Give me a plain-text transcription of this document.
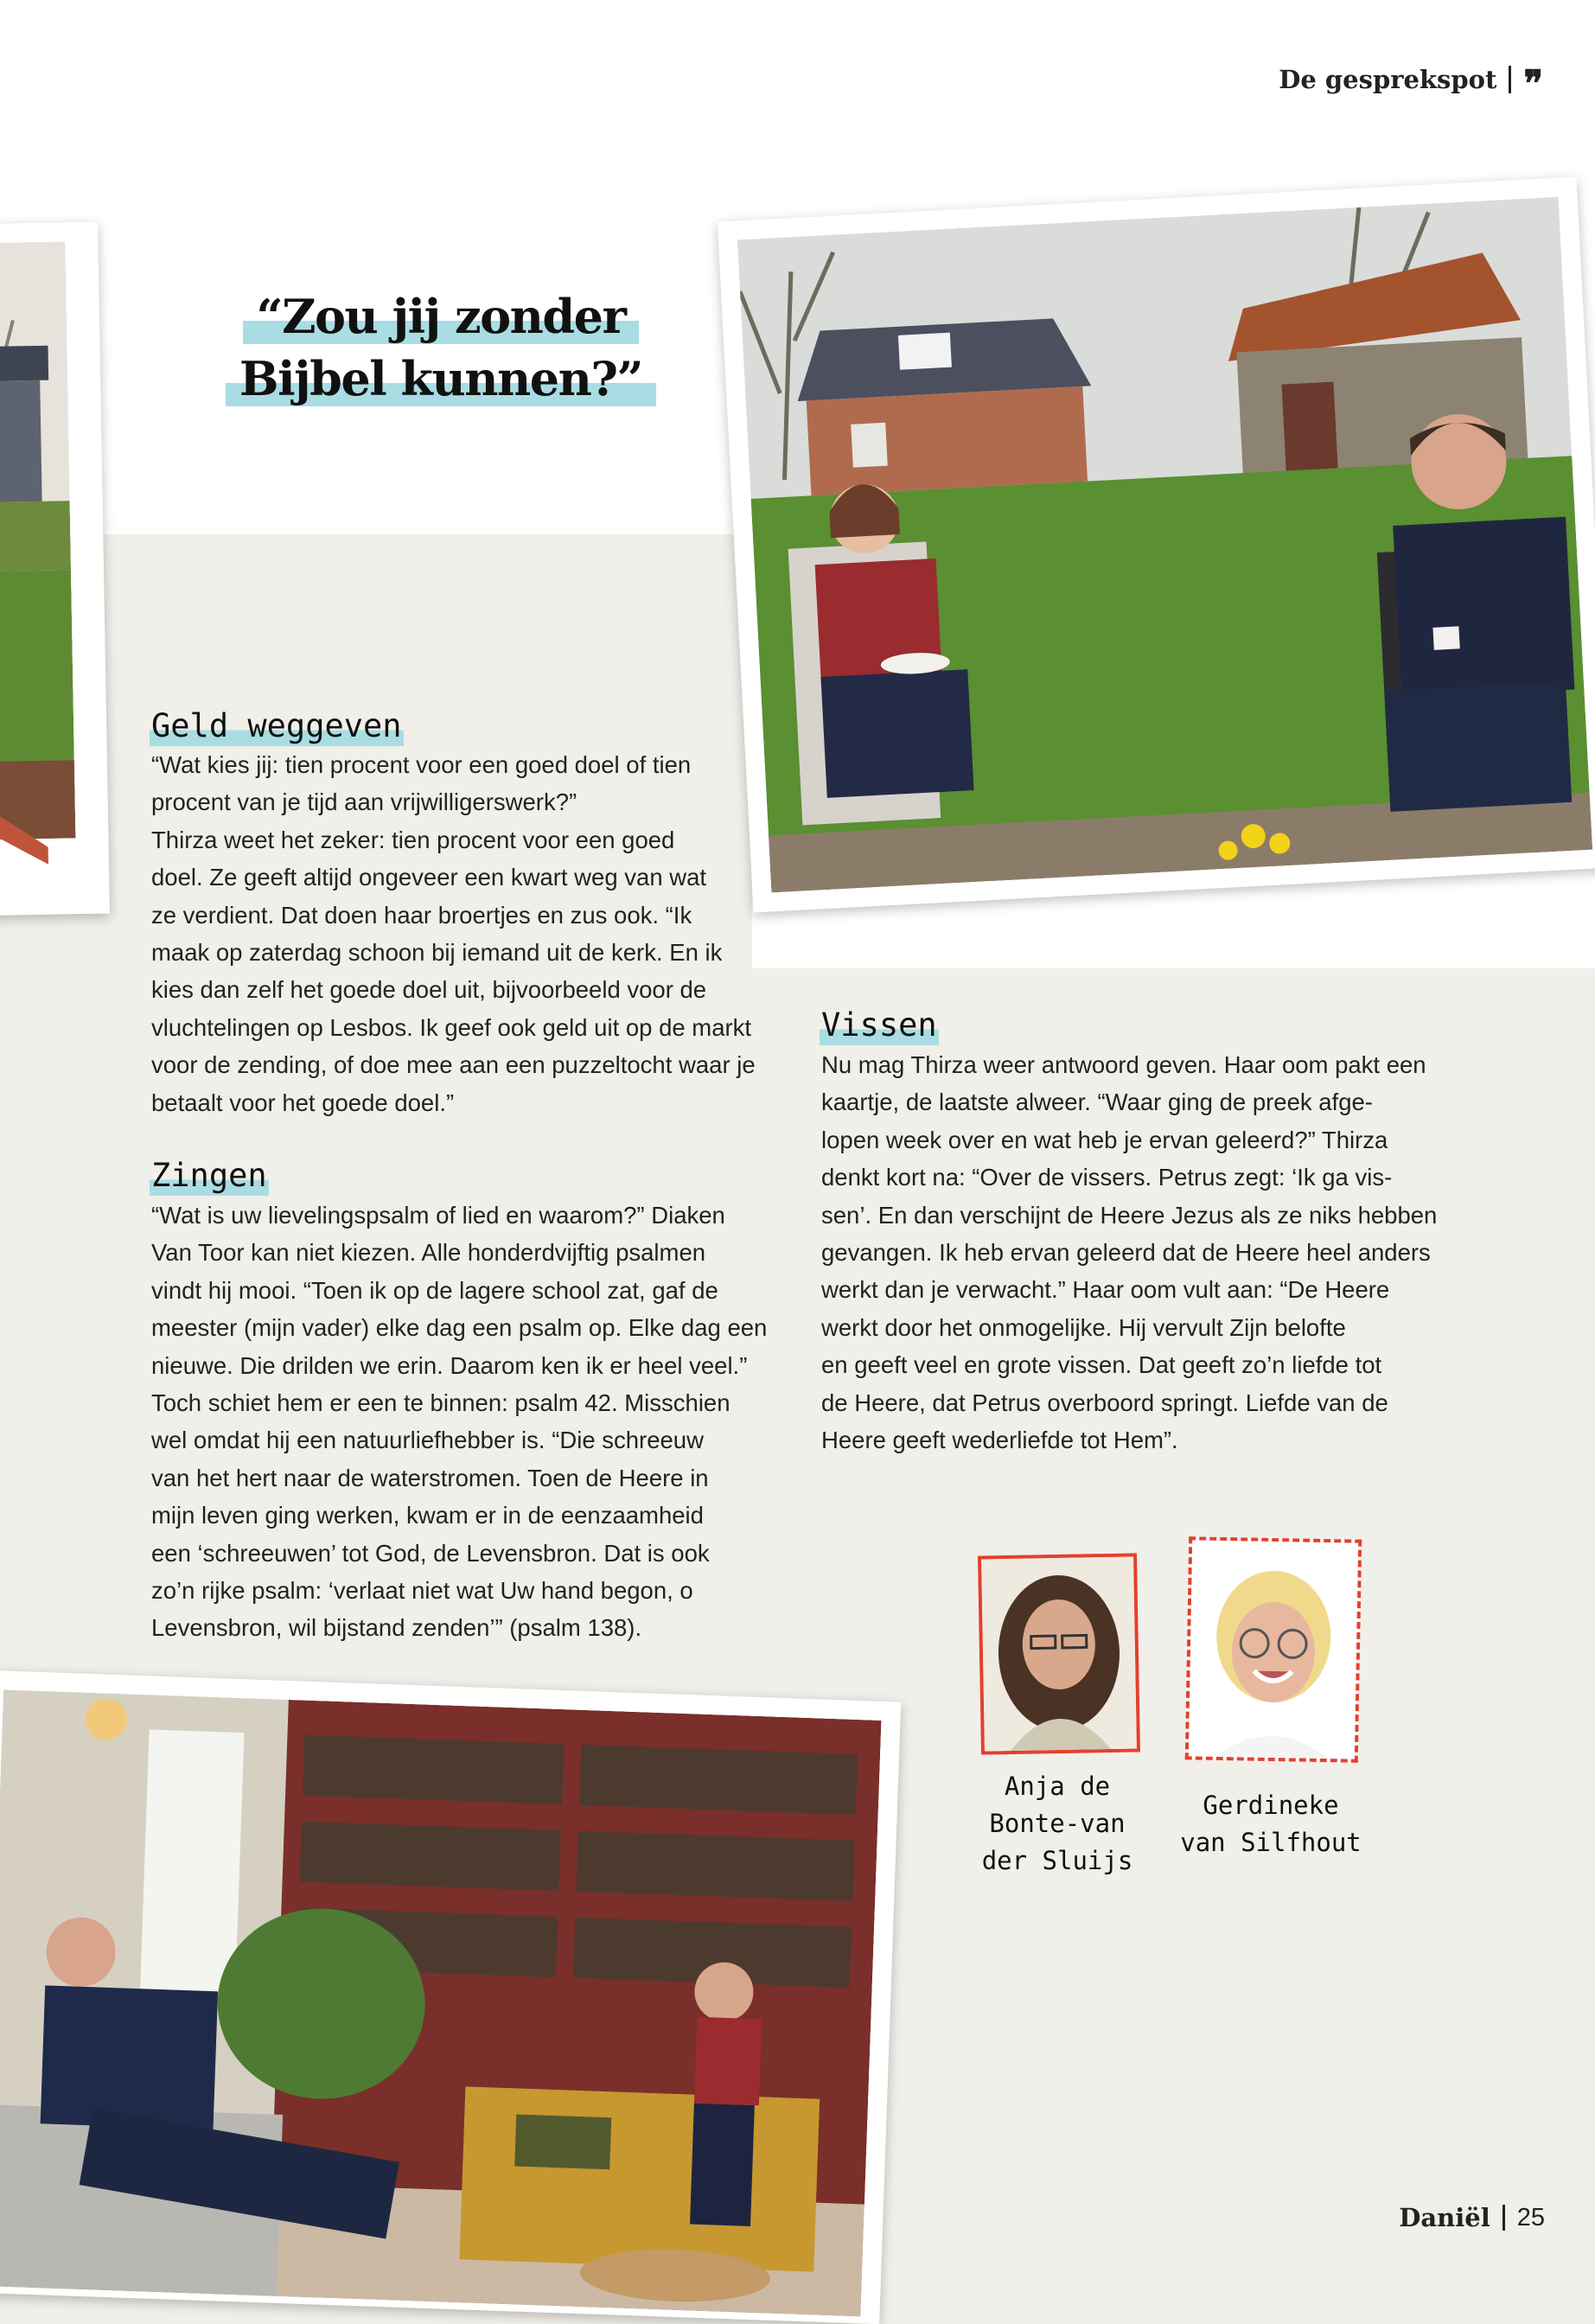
De gesprekspot ❞
“Zou jij zonder
Bijbel kunnen?”
Geld weggeven
“Wat kies jij: tien procent voor een goed doel of tien
procent van je tijd aan vrijwilligerswerk?”
Thirza weet het zeker: tien procent voor een goed
doel. Ze geeft altijd ongeveer een kwart weg van wat
ze verdient. Dat doen haar broertjes en zus ook. “Ik
maak op zaterdag schoon bij iemand uit de kerk. En ik
kies dan zelf het goede doel uit, bijvoorbeeld voor de
vluchtelingen op Lesbos. Ik geef ook geld uit op de markt
voor de zending, of doe mee aan een puzzeltocht waar je
betaalt voor het goede doel.”
Zingen
“Wat is uw lievelingspsalm of lied en waarom?” Diaken
Van Toor kan niet kiezen. Alle honderdvijftig psalmen
vindt hij mooi. “Toen ik op de lagere school zat, gaf de
meester (mijn vader) elke dag een psalm op. Elke dag een
nieuwe. Die drilden we erin. Daarom ken ik er heel veel.”
Toch schiet hem er een te binnen: psalm 42. Misschien
wel omdat hij een natuurliefhebber is. “Die schreeuw
van het hert naar de waterstromen. Toen de Heere in
mijn leven ging werken, kwam er in de eenzaamheid
een ‘schreeuwen’ tot God, de Levensbron. Dat is ook
zo’n rijke psalm: ‘verlaat niet wat Uw hand begon, o
Levensbron, wil bijstand zenden’” (psalm 138).
Vissen
Nu mag Thirza weer antwoord geven. Haar oom pakt een
kaartje, de laatste alweer. “Waar ging de preek afge-
lopen week over en wat heb je ervan geleerd?” Thirza
denkt kort na: “Over de vissers. Petrus zegt: ‘Ik ga vis-
sen’. En dan verschijnt de Heere Jezus als ze niks hebben
gevangen. Ik heb ervan geleerd dat de Heere heel anders
werkt dan je verwacht.” Haar oom vult aan: “De Heere
werkt door het onmogelijke. Hij vervult Zijn belofte
en geeft veel en grote vissen. Dat geeft zo’n liefde tot
de Heere, dat Petrus overboord springt. Liefde van de
Heere geeft wederliefde tot Hem”.
Anja de
Bonte-van
der Sluijs
Gerdineke
van Silfhout
Daniël 25
